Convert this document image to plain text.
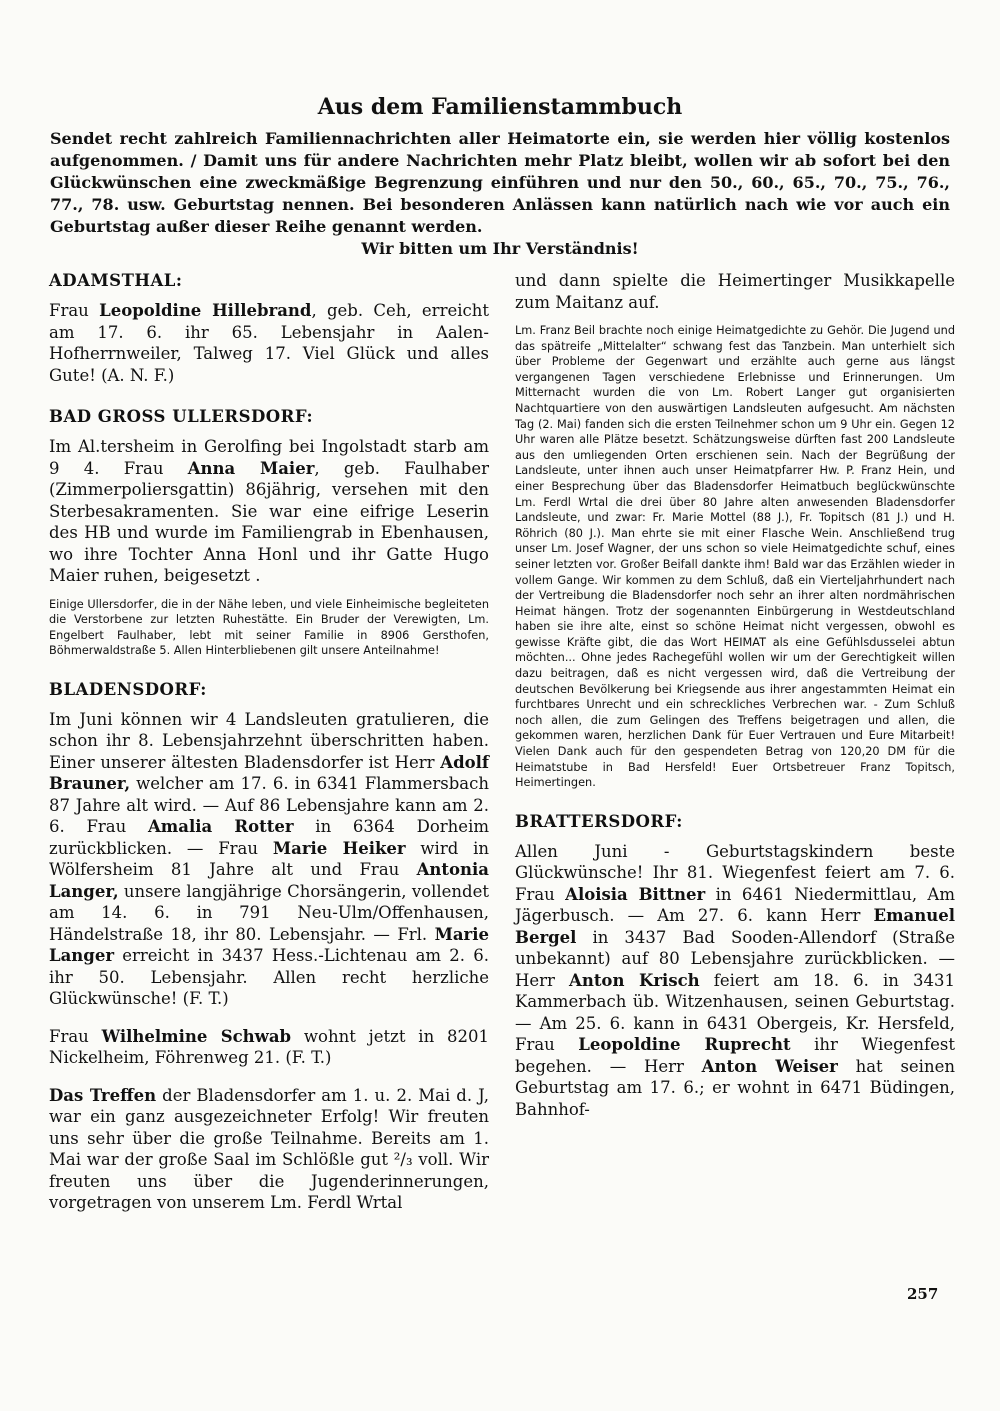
Aus dem Familienstammbuch

Sendet recht zahlreich Familiennachrichten aller Heimatorte ein, sie werden hier völlig kostenlos aufgenommen. / Damit uns für andere Nachrichten mehr Platz bleibt, wollen wir ab sofort bei den Glückwünschen eine zweckmäßige Begrenzung einführen und nur den 50., 60., 65., 70., 75., 76., 77., 78. usw. Geburtstag nennen. Bei besonderen Anlässen kann natürlich nach wie vor auch ein Geburtstag außer dieser Reihe genannt werden.
Wir bitten um Ihr Verständnis!

ADAMSTHAL:

Frau Leopoldine Hillebrand, geb. Ceh, erreicht am 17. 6. ihr 65. Lebensjahr in Aalen-Hofherrnweiler, Talweg 17. Viel Glück und alles Gute! (A. N. F.)

BAD GROSS ULLERSDORF:

Im Al.tersheim in Gerolfing bei Ingolstadt starb am 9 4. Frau Anna Maier, geb. Faulhaber (Zimmerpoliersgattin) 86jährig, versehen mit den Sterbesakramenten. Sie war eine eifrige Leserin des HB und wurde im Familiengrab in Ebenhausen, wo ihre Tochter Anna Honl und ihr Gatte Hugo Maier ruhen, beigesetzt .

Einige Ullersdorfer, die in der Nähe leben, und viele Einheimische begleiteten die Verstorbene zur letzten Ruhestätte. Ein Bruder der Verewigten, Lm. Engelbert Faulhaber, lebt mit seiner Familie in 8906 Gersthofen, Böhmerwaldstraße 5. Allen Hinterbliebenen gilt unsere Anteilnahme!

BLADENSDORF:

Im Juni können wir 4 Landsleuten gratulieren, die schon ihr 8. Lebensjahrzehnt überschritten haben. Einer unserer ältesten Bladensdorfer ist Herr Adolf Brauner, welcher am 17. 6. in 6341 Flammersbach 87 Jahre alt wird. — Auf 86 Lebensjahre kann am 2. 6. Frau Amalia Rotter in 6364 Dorheim zurückblicken. — Frau Marie Heiker wird in Wölfersheim 81 Jahre alt und Frau Antonia Langer, unsere langjährige Chorsängerin, vollendet am 14. 6. in 791 Neu-Ulm/Offenhausen, Händelstraße 18, ihr 80. Lebensjahr. — Frl. Marie Langer erreicht in 3437 Hess.-Lichtenau am 2. 6. ihr 50. Lebensjahr. Allen recht herzliche Glückwünsche! (F. T.)

Frau Wilhelmine Schwab wohnt jetzt in 8201 Nickelheim, Föhrenweg 21. (F. T.)

Das Treffen der Bladensdorfer am 1. u. 2. Mai d. J, war ein ganz ausgezeichneter Erfolg! Wir freuten uns sehr über die große Teilnahme. Bereits am 1. Mai war der große Saal im Schlößle gut ²/₃ voll. Wir freuten uns über die Jugenderinnerungen, vorgetragen von unserem Lm. Ferdl Wrtal

und dann spielte die Heimertinger Musikkapelle zum Maitanz auf.

Lm. Franz Beil brachte noch einige Heimatgedichte zu Gehör. Die Jugend und das spätreife „Mittelalter“ schwang fest das Tanzbein. Man unterhielt sich über Probleme der Gegenwart und erzählte auch gerne aus längst vergangenen Tagen verschiedene Erlebnisse und Erinnerungen. Um Mitternacht wurden die von Lm. Robert Langer gut organisierten Nachtquartiere von den auswärtigen Landsleuten aufgesucht. Am nächsten Tag (2. Mai) fanden sich die ersten Teilnehmer schon um 9 Uhr ein. Gegen 12 Uhr waren alle Plätze besetzt. Schätzungsweise dürften fast 200 Landsleute aus den umliegenden Orten erschienen sein. Nach der Begrüßung der Landsleute, unter ihnen auch unser Heimatpfarrer Hw. P. Franz Hein, und einer Besprechung über das Bladensdorfer Heimatbuch beglückwünschte Lm. Ferdl Wrtal die drei über 80 Jahre alten anwesenden Bladensdorfer Landsleute, und zwar: Fr. Marie Mottel (88 J.), Fr. Topitsch (81 J.) und H. Röhrich (80 J.). Man ehrte sie mit einer Flasche Wein. Anschließend trug unser Lm. Josef Wagner, der uns schon so viele Heimatgedichte schuf, eines seiner letzten vor. Großer Beifall dankte ihm! Bald war das Erzählen wieder in vollem Gange. Wir kommen zu dem Schluß, daß ein Vierteljahrhundert nach der Vertreibung die Bladensdorfer noch sehr an ihrer alten nordmährischen Heimat hängen. Trotz der sogenannten Einbürgerung in Westdeutschland haben sie ihre alte, einst so schöne Heimat nicht vergessen, obwohl es gewisse Kräfte gibt, die das Wort HEIMAT als eine Gefühlsdusselei abtun möchten... Ohne jedes Rachegefühl wollen wir um der Gerechtigkeit willen dazu beitragen, daß es nicht vergessen wird, daß die Vertreibung der deutschen Bevölkerung bei Kriegsende aus ihrer angestammten Heimat ein furchtbares Unrecht und ein schreckliches Verbrechen war. - Zum Schluß noch allen, die zum Gelingen des Treffens beigetragen und allen, die gekommen waren, herzlichen Dank für Euer Vertrauen und Eure Mitarbeit! Vielen Dank auch für den gespendeten Betrag von 120,20 DM für die Heimatstube in Bad Hersfeld! Euer Ortsbetreuer Franz Topitsch, Heimertingen.

BRATTERSDORF:

Allen Juni - Geburtstagskindern beste Glückwünsche! Ihr 81. Wiegenfest feiert am 7. 6. Frau Aloisia Bittner in 6461 Niedermittlau, Am Jägerbusch. — Am 27. 6. kann Herr Emanuel Bergel in 3437 Bad Sooden-Allendorf (Straße unbekannt) auf 80 Lebensjahre zurückblicken. — Herr Anton Krisch feiert am 18. 6. in 3431 Kammerbach üb. Witzenhausen, seinen Geburtstag. — Am 25. 6. kann in 6431 Obergeis, Kr. Hersfeld, Frau Leopoldine Ruprecht ihr Wiegenfest begehen. — Herr Anton Weiser hat seinen Geburtstag am 17. 6.; er wohnt in 6471 Büdingen, Bahnhof-

257
